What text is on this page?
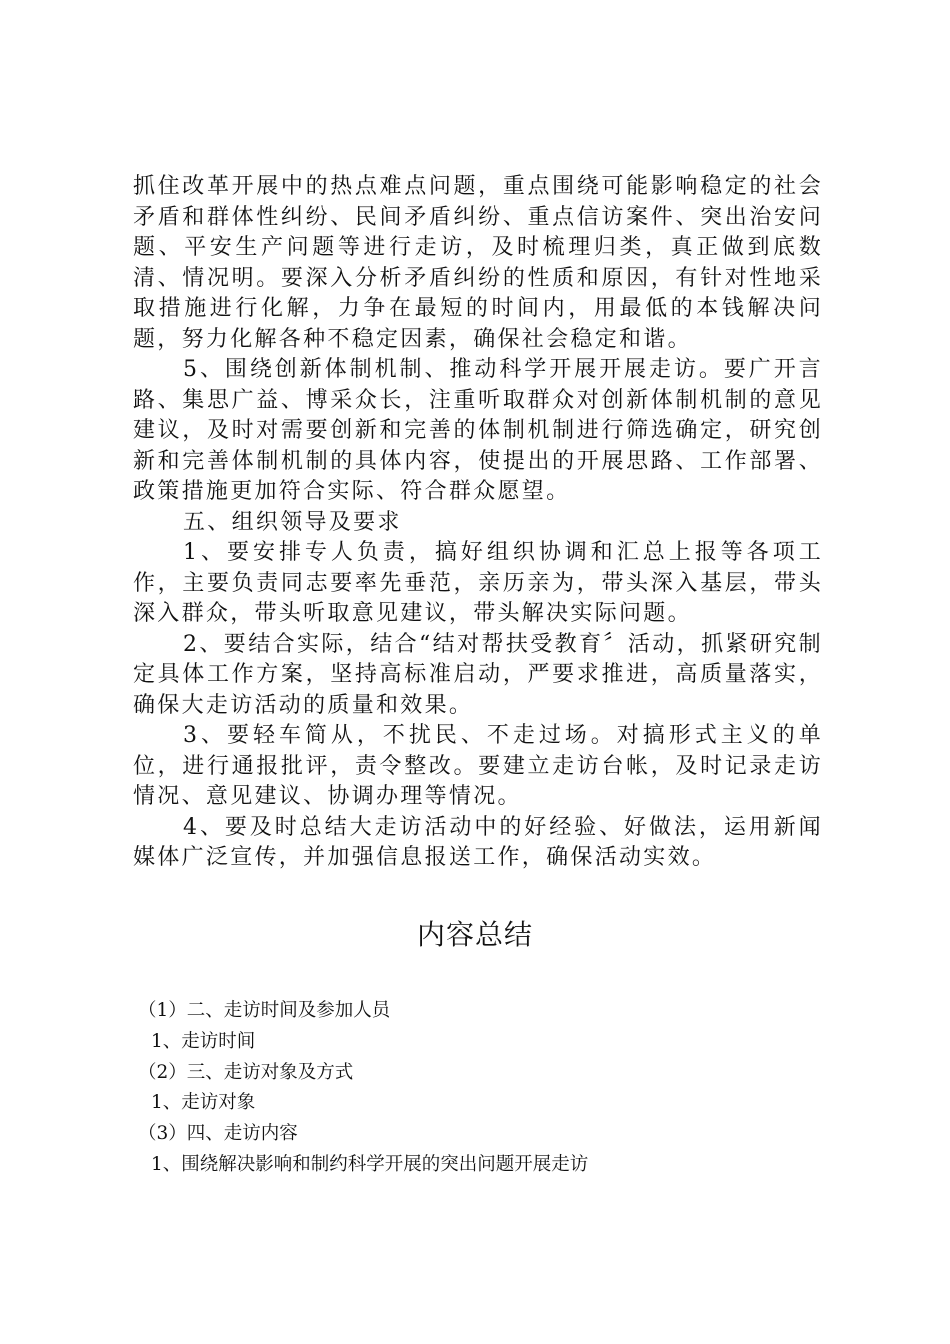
抓住改革开展中的热点难点问题，重点围绕可能影响稳定的社会矛盾和群体性纠纷、民间矛盾纠纷、重点信访案件、突出治安问题、平安生产问题等进行走访，及时梳理归类，真正做到底数清、情况明。要深入分析矛盾纠纷的性质和原因，有针对性地采取措施进行化解，力争在最短的时间内，用最低的本钱解决问题，努力化解各种不稳定因素，确保社会稳定和谐。

5、围绕创新体制机制、推动科学开展开展走访。要广开言路、集思广益、博采众长，注重听取群众对创新体制机制的意见建议，及时对需要创新和完善的体制机制进行筛选确定，研究创新和完善体制机制的具体内容，使提出的开展思路、工作部署、政策措施更加符合实际、符合群众愿望。

五、组织领导及要求

1、要安排专人负责，搞好组织协调和汇总上报等各项工作，主要负责同志要率先垂范，亲历亲为，带头深入基层，带头深入群众，带头听取意见建议，带头解决实际问题。

2、要结合实际，结合“结对帮扶受教育〞活动，抓紧研究制定具体工作方案，坚持高标准启动，严要求推进，高质量落实，确保大走访活动的质量和效果。

3、要轻车简从，不扰民、不走过场。对搞形式主义的单位，进行通报批评，责令整改。要建立走访台帐，及时记录走访情况、意见建议、协调办理等情况。

4、要及时总结大走访活动中的好经验、好做法，运用新闻媒体广泛宣传，并加强信息报送工作，确保活动实效。

内容总结
（1）二、走访时间及参加人员
1、走访时间
（2）三、走访对象及方式
1、走访对象
（3）四、走访内容
1、围绕解决影响和制约科学开展的突出问题开展走访
